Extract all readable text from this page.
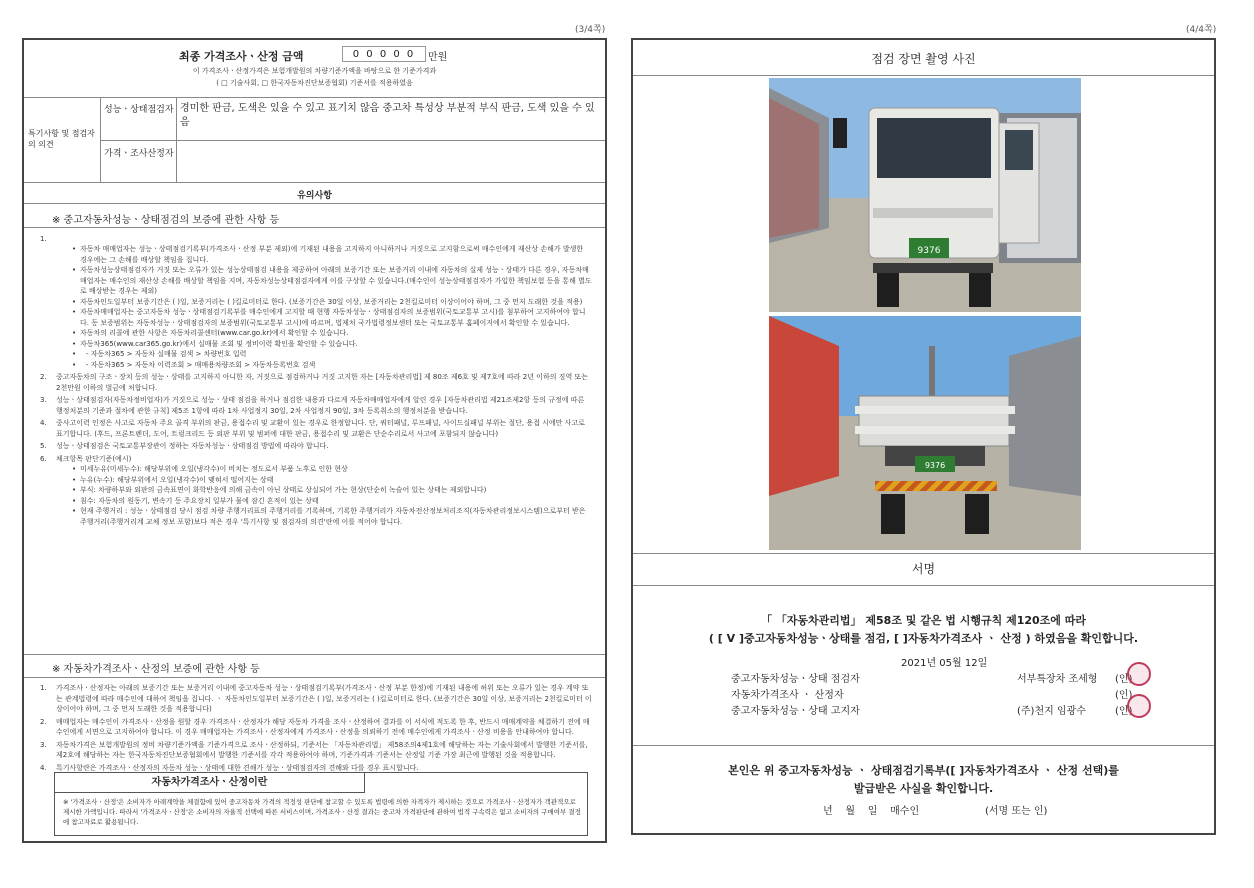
(3/4쪽)
최종 가격조사ㆍ산정 금액	0 0 0 0 0	만원
이 가격조사ㆍ산정가격은 보험개발원의 차량기준가액을 바탕으로 한 기준가격과
( □ 기술사회, □ 한국자동차진단보증협회) 기준서를 적용하였음
특기사항 및 점검자의 의견
성능ㆍ상태점검자 경미한 판금, 도색은 있을 수 있고 표기치 않음 중고차 특성상 부분적 부식 판금, 도색 있을 수 있음
가격ㆍ조사산정자
유의사항
※ 중고자동차성능ㆍ상태점검의 보증에 관한 사항 등
1.
• 자동차 매매업자는 성능ㆍ상태점검기록부(가격조사ㆍ산정 부분 제외)에 기재된 내용을 고지하지 아니하거나 거짓으로 고지함으로써 매수인에게 재산상 손해가 발생한 경우에는 그 손해를 배상할 책임을 집니다.
• 자동차성능상태점검자가 거짓 또는 오류가 있는 성능상태점검 내용을 제공하여 아래의 보증기간 또는 보증거리 이내에 자동차의 실제 성능ㆍ상태가 다른 경우, 자동차매매업자는 매수인의 재산상 손해를 배상할 책임을 지며, 자동차성능상태점검자에게 이를 구상할 수 있습니다.(매수인이 성능상태점검자가 가입한 책임보험 등을 통해 별도로 배상받는 경우는 제외)
• 자동차인도일부터 보증기간은 ( )일, 보증거리는 ( )킬로미터로 한다. (보증기간은 30일 이상, 보증거리는 2천킬로미터 이상이어야 하며, 그 중 먼저 도래한 것을 적용)
• 자동차매매업자는 중고자동차 성능ㆍ상태점검기록부를 매수인에게 고지할 때 현행 자동차성능ㆍ상태점검자의 보증범위(국토교통부 고시)를 첨부하여 고지하여야 합니다. 동 보증범위는 자동차성능ㆍ상태점검자의 보증범위(국토교통부 고시)에 따르며, 법제처 국가법령정보센터 또는 국토교통부 홈페이지에서 확인할 수 있습니다.
• 자동차의 리콜에 관한 사항은 자동차리콜센터(www.car.go.kr)에서 확인할 수 있습니다.
• 자동차365(www.car365.go.kr)에서 실매물 조회 및 정비이력 확인을 확인할 수 있습니다.
• - 자동차365 > 자동차 실매물 검색 > 차량번호 입력
• - 자동차365 > 자동차 이력조회 > 매매용차량조회 > 자동차등록번호 검색
2. 중고자동차의 구조ㆍ장치 등의 성능ㆍ상태를 고지하지 아니한 자, 거짓으로 점검하거나 거짓 고지한 자는 [자동차관리법] 제 80조 제6호 및 제7호에 따라 2년 이하의 징역 또는 2천만원 이하의 벌금에 처합니다.
3. 성능ㆍ상태점검자(자동차정비업자)가 거짓으로 성능ㆍ상태 점검을 하거나 점검한 내용과 다르게 자동차매매업자에게 알린 경우 [자동차관리법 제21조제2항 등의 규정에 따른 행정처분의 기준과 절차에 관한 규칙] 제5조 1항에 따라 1차 사업정지 30일, 2차 사업정지 90일, 3차 등록취소의 행정처분을 받습니다.
4. 중사고이력 인정은 사고로 자동차 주요 골격 부위의 판금, 용접수리 및 교환이 있는 경우로 한정합니다. 단, 쿼터패널, 루프패널, 사이드실패널 부위는 절단, 용접 시에만 사고로 표기합니다. (후드, 프론트펜더, 도어, 트렁크리드 등 외판 부위 및 범퍼에 대한 판금, 용접수리 및 교환은 단순수리로서 사고에 포함되지 않습니다)
5. 성능ㆍ상태점검은 국토교통부장관이 정하는 자동차성능ㆍ상태점검 방법에 따라야 합니다.
6. 체크항목 판단기준(예시)
• 미세누유(미세누수): 해당부위에 오일(냉각수)이 비치는 정도로서 부품 노후로 인한 현상
• 누유(누수): 해당부위에서 오일(냉각수)이 맺혀서 떨어지는 상태
• 부식: 차량하부와 외판의 금속표면이 화학반응에 의해 금속이 아닌 상태로 상실되어 가는 현상(단순히 녹슬어 있는 상태는 제외합니다)
• 침수: 자동차의 원동기, 변속기 등 주요장치 일부가 물에 잠긴 흔적이 있는 상태
• 현재 주행거리 : 성능ㆍ상태점검 당시 점검 차량 주행거리표의 주행거리를 기록하며, 기록한 주행거리가 자동차전산정보처리조직(자동차관리정보시스템)으로부터 받은 주행거리(주행거리계 교체 정보 포함)보다 적은 경우 '특기사항 및 점검자의 의견'란에 이를 적어야 합니다.
※ 자동차가격조사ㆍ산정의 보증에 관한 사항 등
1. 가격조사ㆍ산정자는 아래의 보증기간 또는 보증거리 이내에 중고자동차 성능ㆍ상태점검기록부(가격조사ㆍ산정 부분 한정)에 기재된 내용에 허위 또는 오류가 있는 경우 계약 또는 관계법령에 따라 매수인에 대하여 책임을 집니다. ㆍ 자동차인도일부터 보증기간은 ( )일, 보증거리는 ( )킬로미터로 한다. (보증기간은 30일 이상, 보증거리는 2천킬로미터 이상이어야 하며, 그 중 먼저 도래한 것을 적용합니다)
2. 매매업자는 매수인이 가격조사ㆍ산정을 원할 경우 가격조사ㆍ산정자가 해당 자동차 가격을 조사ㆍ산정하여 결과를 이 서식에 적도록 한 후, 반드시 매매계약을 체결하기 전에 매수인에게 서면으로 고지하여야 합니다. 이 경우 매매업자는 가격조사ㆍ산정자에게 가격조사ㆍ산정을 의뢰하기 전에 매수인에게 가격조사ㆍ산정 비용을 안내하여야 합니다.
3. 자동차가격은 보험개발원의 정비 차량기준가액을 기준가격으로 조사ㆍ산정하되, 기준서는 「자동차관리법」 제58조의4제1호에 해당하는 자는 기술사회에서 발행한 기준서를, 제2호에 해당하는 자는 한국자동차진단보증협회에서 발행한 기준서를 각각 적용하여야 하며, 기준가격과 기준서는 산정일 기준 가장 최근에 발행된 것을 적용합니다.
4. 특기사항란은 가격조사ㆍ산정자의 자동차 성능ㆍ상태에 대한 견해가 성능ㆍ상태점검자의 견해와 다를 경우 표시합니다.
자동차가격조사ㆍ산정이란
※ '가격조사ㆍ산정'은 소비자가 아래계약을 체결함에 있어 중고자동차 가격의 적정성 판단에 참고할 수 있도록 법령에 의한 자격자가 제시하는 것으로 가격조사ㆍ산정자가 객관적으로 제시한 가액입니다. 따라서 '가격조사ㆍ산정'은 소비자의 자율적 선택에 따른 서비스이며, 가격조사ㆍ산정 결과는 중고차 가격판단에 관하여 법적 구속력은 없고 소비자의 구매여부 결정에 참고자료로 활용됩니다.
(4/4쪽)
점검 장면 촬영 사진
9376
9376
서명
「 「자동차관리법」 제58조 및 같은 법 시행규칙 제120조에 따라
( [ V ]중고자동차성능ㆍ상태를 점검, [ ]자동차가격조사 ㆍ 산정 ) 하였음을 확인합니다.
2021년 05월 12일
중고자동차성능ㆍ상태 점검자	서부특장차 조세형 (인)
자동차가격조사 ㆍ 산정자	(인)
중고자동차성능ㆍ상태 고지자	(주)천지 임광수	(인)
본인은 위 중고자동차성능 ㆍ 상태점검기록부([ ]자동차가격조사 ㆍ 산정 선택)를
발급받은 사실을 확인합니다.
년    월    일    매수인	(서명 또는 인)
